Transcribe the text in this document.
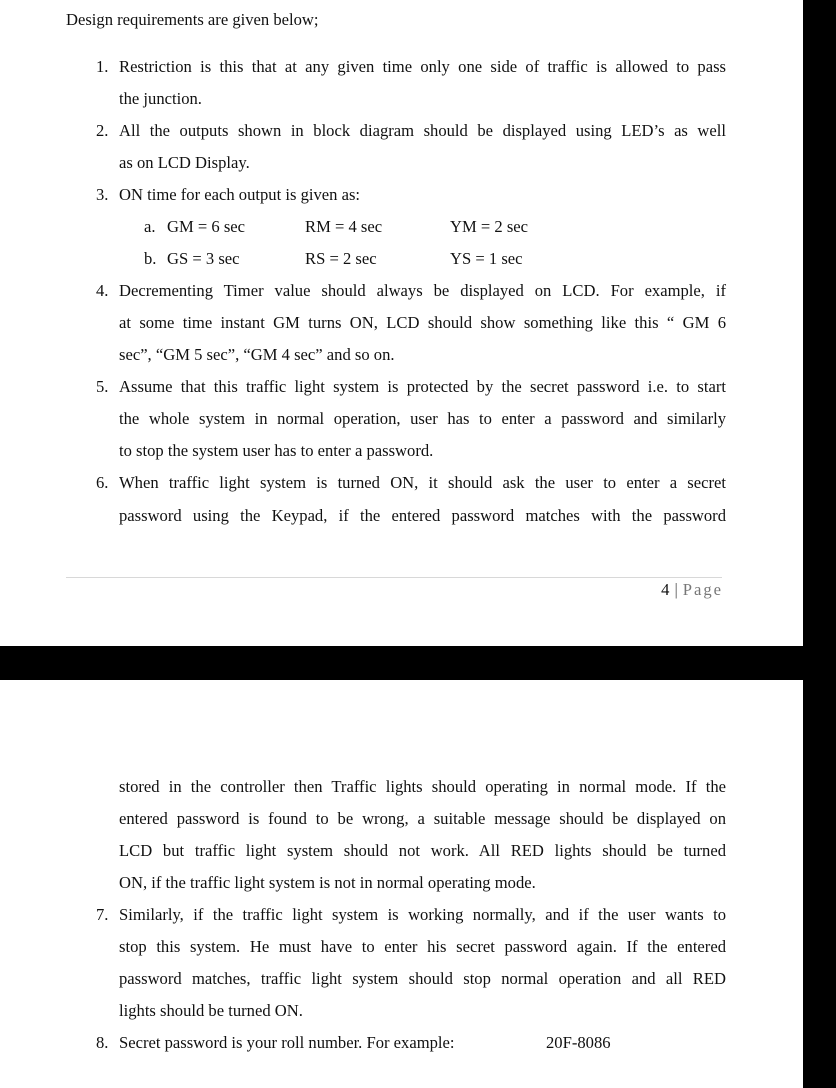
Design requirements are given below;
1. Restriction is this that at any given time only one side of traffic is allowed to pass
the junction.
2. All the outputs shown in block diagram should be displayed using LED’s as well
as on LCD Display.
3. ON time for each output is given as:
a. GM = 6 sec	RM = 4 sec	YM = 2 sec
b. GS = 3 sec	RS = 2 sec	YS = 1 sec
4. Decrementing Timer value should always be displayed on LCD. For example, if
at some time instant GM turns ON, LCD should show something like this “ GM 6
sec”, “GM 5 sec”, “GM 4 sec” and so on.
5. Assume that this traffic light system is protected by the secret password i.e. to start
the whole system in normal operation, user has to enter a password and similarly
to stop the system user has to enter a password.
6. When traffic light system is turned ON, it should ask the user to enter a secret
password using the Keypad, if the entered password matches with the password
4 | Page
stored in the controller then Traffic lights should operating in normal mode. If the
entered password is found to be wrong, a suitable message should be displayed on
LCD but traffic light system should not work. All RED lights should be turned
ON, if the traffic light system is not in normal operating mode.
7. Similarly, if the traffic light system is working normally, and if the user wants to
stop this system. He must have to enter his secret password again. If the entered
password matches, traffic light system should stop normal operation and all RED
lights should be turned ON.
8. Secret password is your roll number. For example:	20F-8086
